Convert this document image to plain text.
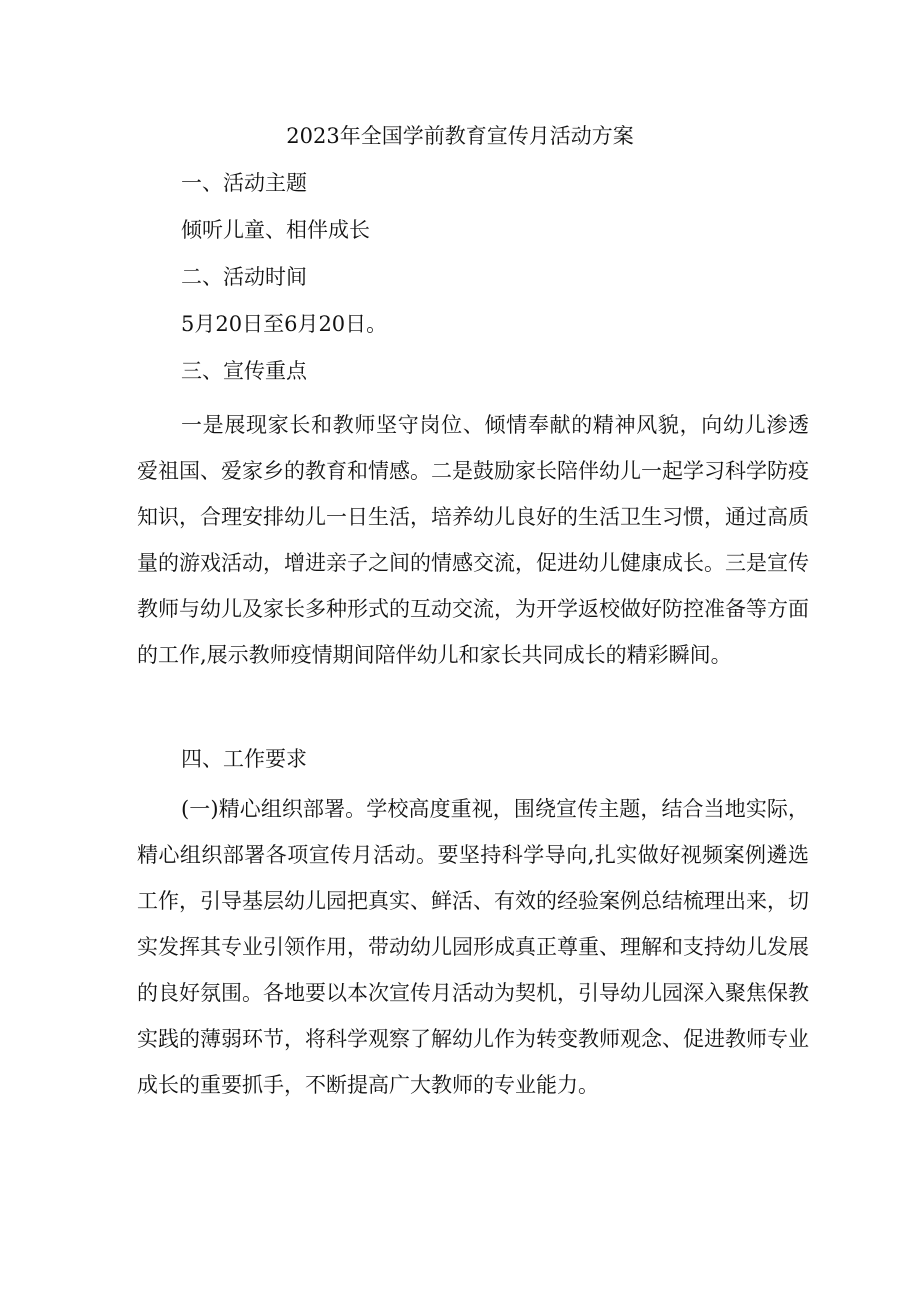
2023年全国学前教育宣传月活动方案
一、活动主题
倾听儿童、相伴成长
二、活动时间
5月20日至6月20日。
三、宣传重点
一是展现家长和教师坚守岗位、倾情奉献的精神风貌，向幼儿渗透爱祖国、爱家乡的教育和情感。二是鼓励家长陪伴幼儿一起学习科学防疫知识，合理安排幼儿一日生活，培养幼儿良好的生活卫生习惯，通过高质量的游戏活动，增进亲子之间的情感交流，促进幼儿健康成长。三是宣传教师与幼儿及家长多种形式的互动交流，为开学返校做好防控准备等方面的工作,展示教师疫情期间陪伴幼儿和家长共同成长的精彩瞬间。
四、工作要求
(一)精心组织部署。学校高度重视，围绕宣传主题，结合当地实际，精心组织部署各项宣传月活动。要坚持科学导向,扎实做好视频案例遴选工作，引导基层幼儿园把真实、鲜活、有效的经验案例总结梳理出来，切实发挥其专业引领作用，带动幼儿园形成真正尊重、理解和支持幼儿发展的良好氛围。各地要以本次宣传月活动为契机，引导幼儿园深入聚焦保教实践的薄弱环节，将科学观察了解幼儿作为转变教师观念、促进教师专业成长的重要抓手，不断提高广大教师的专业能力。
